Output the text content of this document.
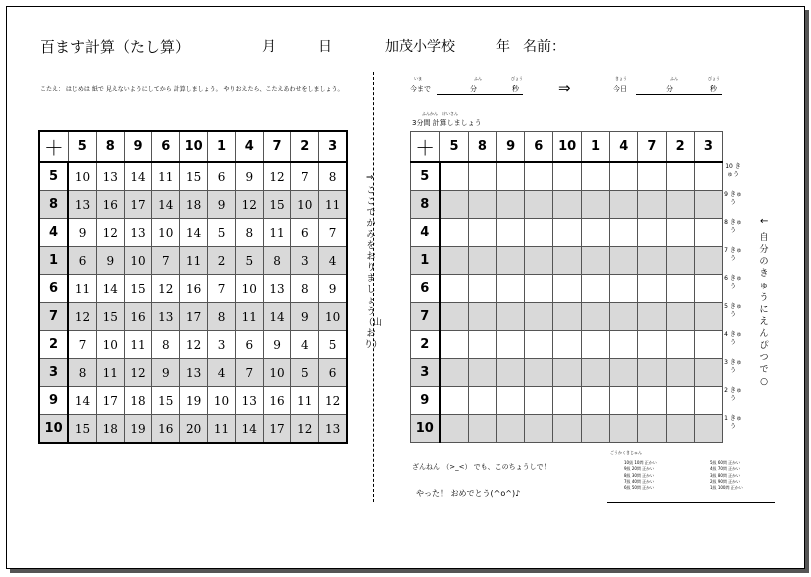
百ます計算（たし算）	月	日	加茂小学校	年 名前：
こたえ： はじめは 紙で 見えないようにしてから 計算しましょう。 やりおえたら、こたえあわせをしましょう。
＋	5	8	9	6	10	1	4	7	2	3
5	10	13	14	11	15	6	9	12	7	8
8	13	16	17	14	18	9	12	15	10	11
4	9	12	13	10	14	5	8	11	6	7
1	6	9	10	7	11	2	5	8	3	4
6	11	14	15	12	16	7	10	13	8	9
7	12	15	16	13	17	8	11	14	9	10
2	7	10	11	8	12	3	6	9	4	5
3	8	11	12	9	13	4	7	10	5	6
9	14	17	18	15	19	10	13	16	11	12
10	15	18	19	16	20	11	14	17	12	13
⇒
ここで かみを おりましょう （山おり）
いま
今まで
ふん
分
びょう
秒	⇒
きょう
今日
ふん
分
びょう
秒
ふんかん　けいさん
3分間 計算しましょう
＋	5	8	9	6	10	1	4	7	2	3
5										
8										
4										
1										
6										
7										
2										
3										
9										
10										
10 きゅう
9 きゅう
8 きゅう
7 きゅう
6 きゅう
5 きゅう
4 きゅう
3 きゅう
2 きゅう
1 きゅう
←
自分のきゅうに えんぴつで○
ざんねん （>_<） でも、このちょうしで！
やった！ おめでとう(^o^)♪
ごうかくきじゅん
10級 10問 正かい
9級 20問 正かい
8級 30問 正かい
7級 40問 正かい
6級 50問 正かい
5級 60問 正かい
4級 70問 正かい
3級 80問 正かい
2級 90問 正かい
1級 100問 正かい
